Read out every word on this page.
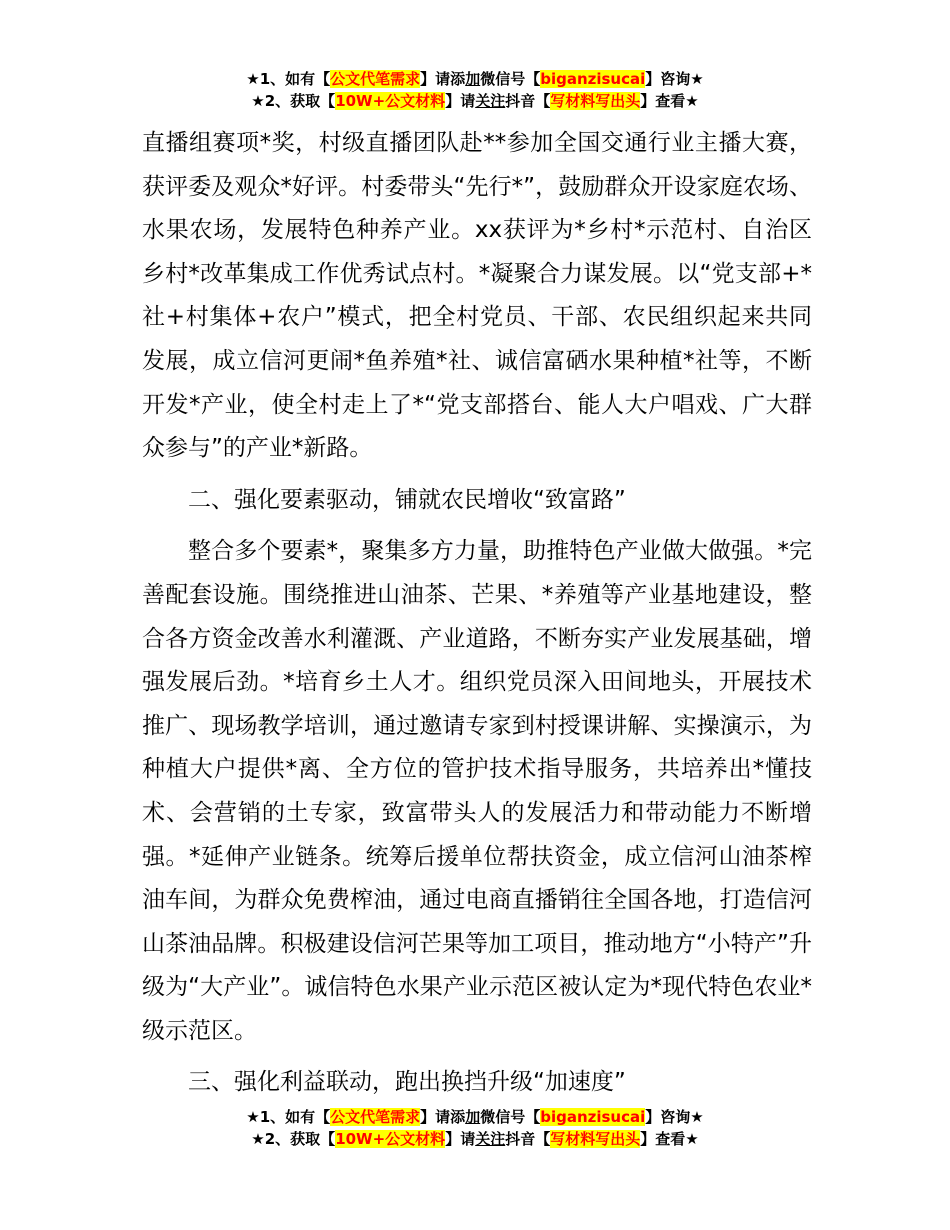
★1、如有【公文代笔需求】请添加微信号【biganzisucai】咨询★
★2、获取【10W+公文材料】请关注抖音【写材料写出头】查看★

直播组赛项*奖，村级直播团队赴**参加全国交通行业主播大赛，获评委及观众*好评。村委带头“先行*”，鼓励群众开设家庭农场、水果农场，发展特色种养产业。xx获评为*乡村*示范村、自治区乡村*改革集成工作优秀试点村。*凝聚合力谋发展。以“党支部+*社+村集体+农户”模式，把全村党员、干部、农民组织起来共同发展，成立信河更闹*鱼养殖*社、诚信富硒水果种植*社等，不断开发*产业，使全村走上了*“党支部搭台、能人大户唱戏、广大群众参与”的产业*新路。

二、强化要素驱动，铺就农民增收“致富路”

整合多个要素*，聚集多方力量，助推特色产业做大做强。*完善配套设施。围绕推进山油茶、芒果、*养殖等产业基地建设，整合各方资金改善水利灌溉、产业道路，不断夯实产业发展基础，增强发展后劲。*培育乡土人才。组织党员深入田间地头，开展技术推广、现场教学培训，通过邀请专家到村授课讲解、实操演示，为种植大户提供*离、全方位的管护技术指导服务，共培养出*懂技术、会营销的土专家，致富带头人的发展活力和带动能力不断增强。*延伸产业链条。统筹后援单位帮扶资金，成立信河山油茶榨油车间，为群众免费榨油，通过电商直播销往全国各地，打造信河山茶油品牌。积极建设信河芒果等加工项目，推动地方“小特产”升级为“大产业”。诚信特色水果产业示范区被认定为*现代特色农业*级示范区。

三、强化利益联动，跑出换挡升级“加速度”

★1、如有【公文代笔需求】请添加微信号【biganzisucai】咨询★
★2、获取【10W+公文材料】请关注抖音【写材料写出头】查看★
